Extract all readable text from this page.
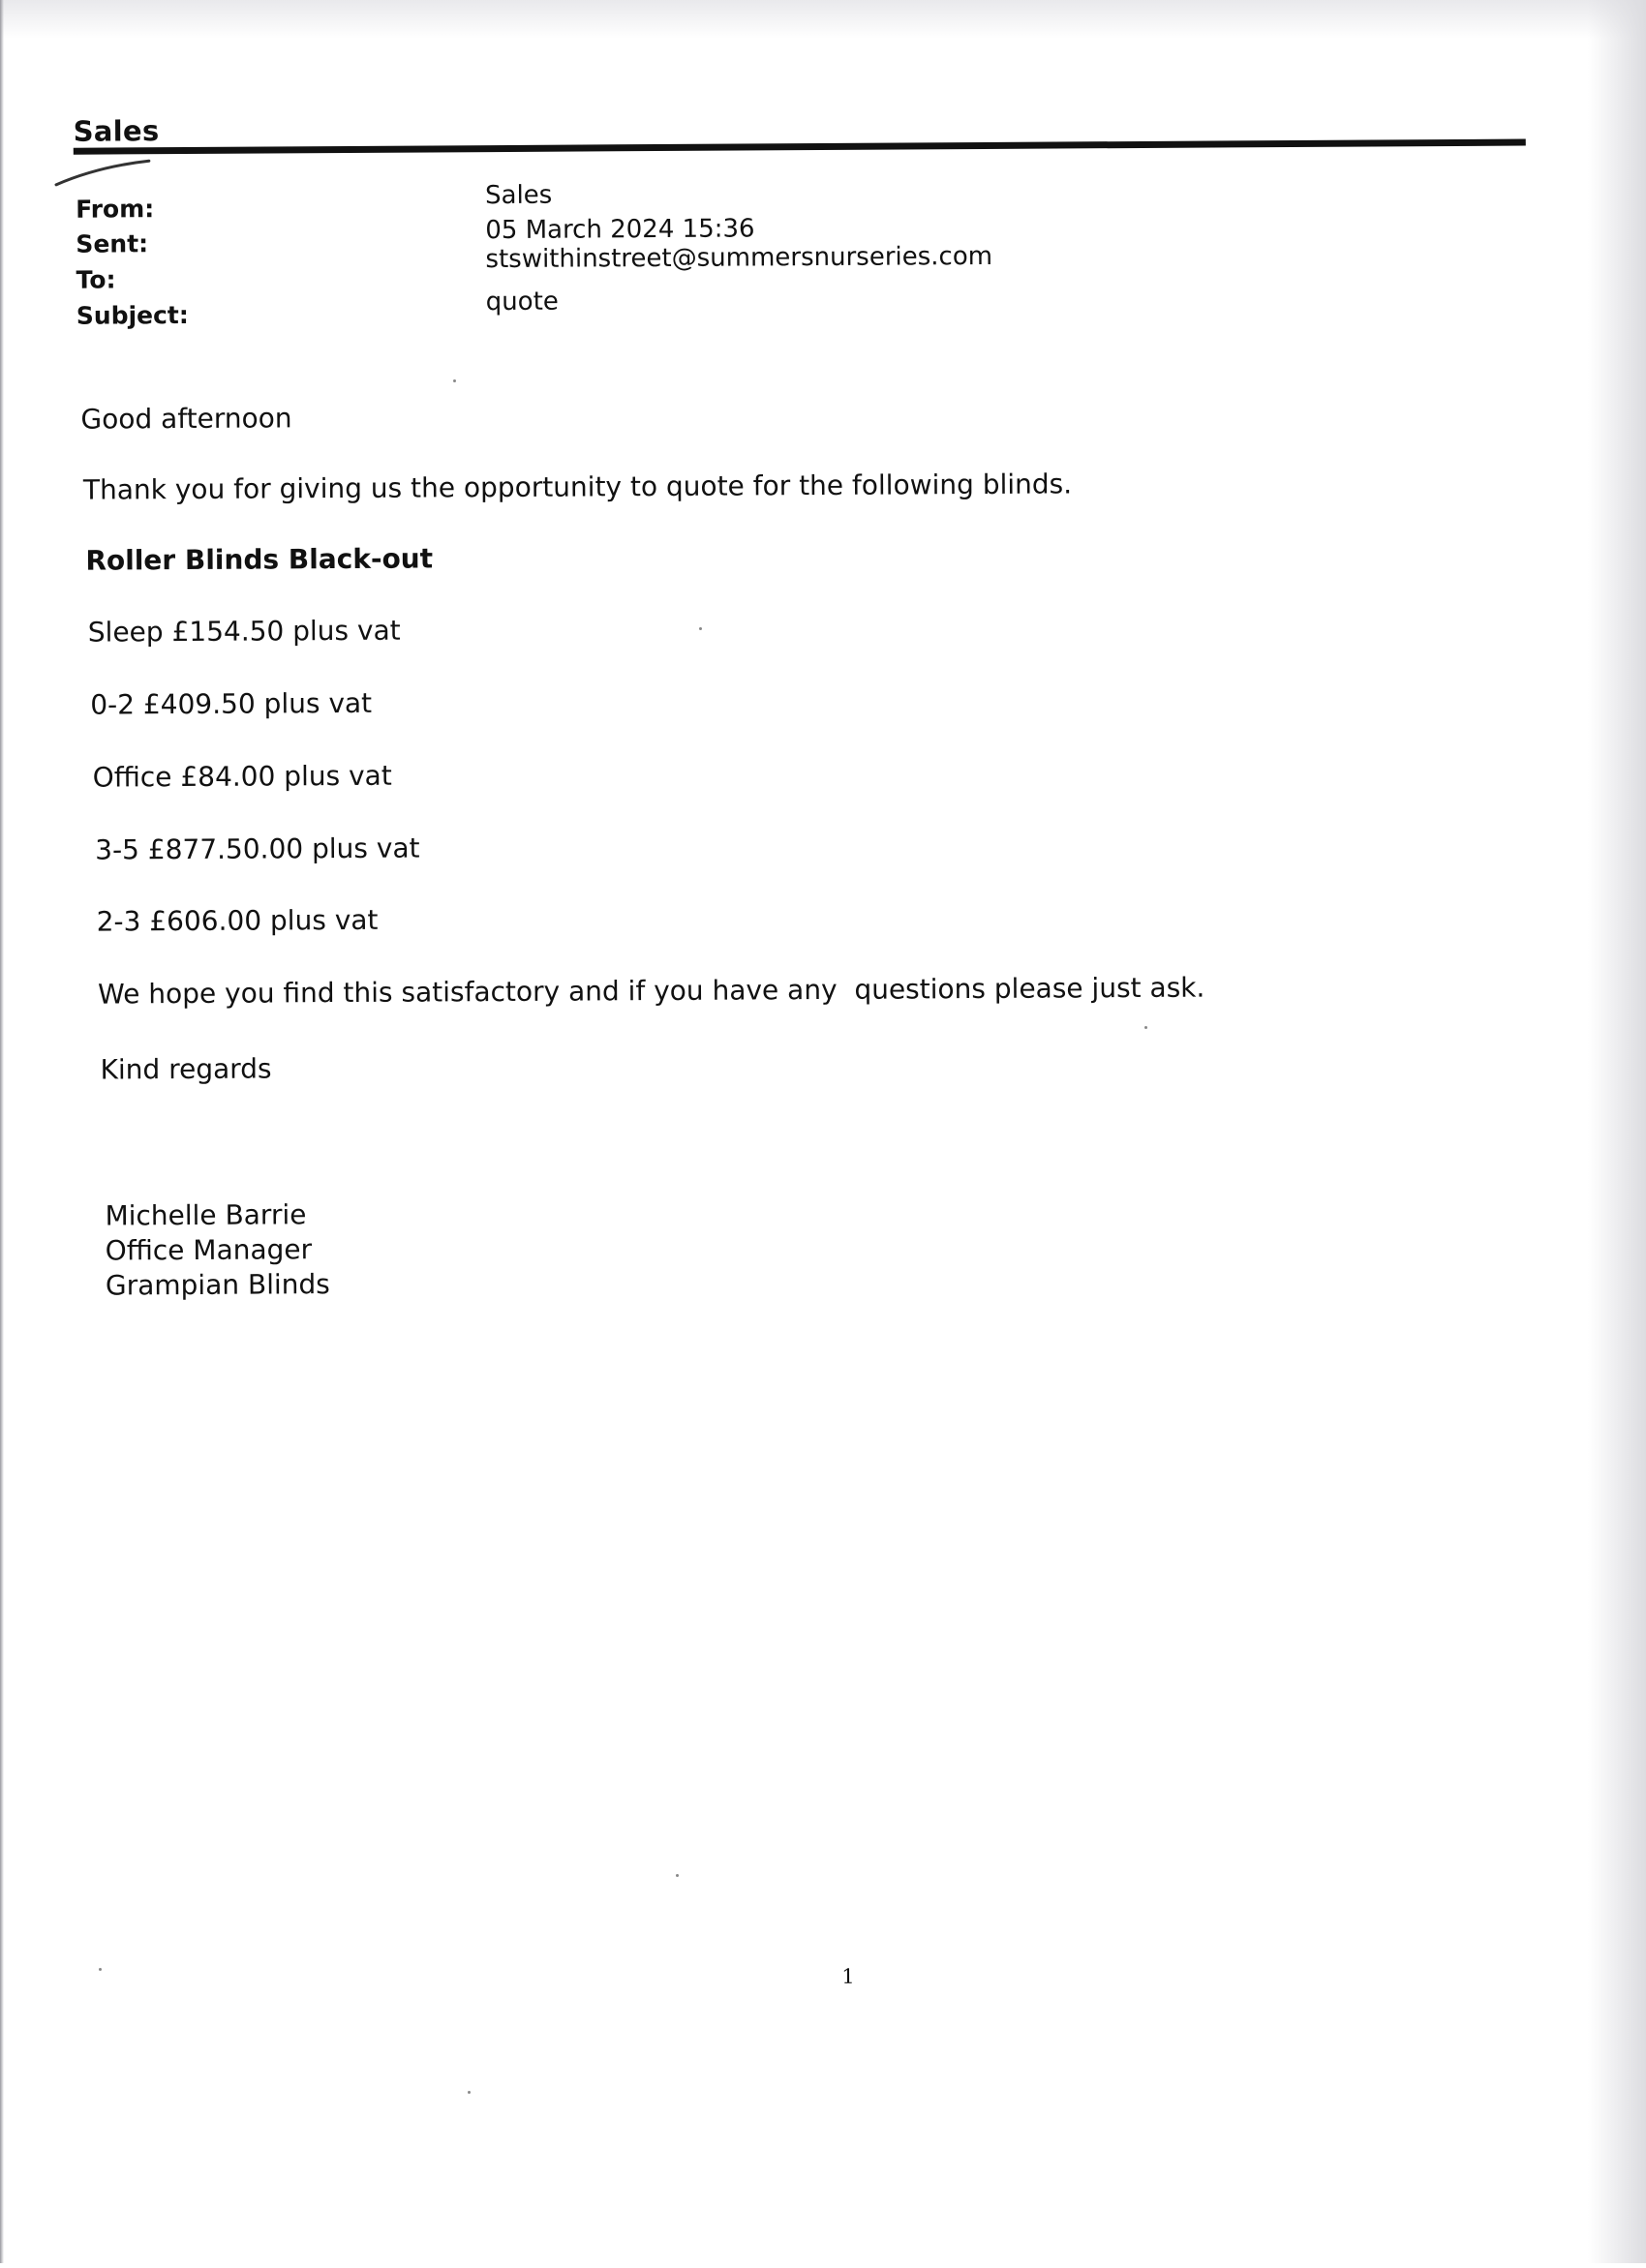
Sales
From:	Sales
Sent:	05 March 2024 15:36
To:
stswithinstreet@summersnurseries.com
Subject:	quote
Good afternoon
Thank you for giving us the opportunity to quote for the following blinds.
Roller Blinds Black-out
Sleep £154.50 plus vat
0-2 £409.50 plus vat
Office £84.00 plus vat
3-5 £877.50.00 plus vat
2-3 £606.00 plus vat
We hope you find this satisfactory and if you have any  questions please just ask.
Kind regards
Michelle Barrie
Office Manager
Grampian Blinds
1
